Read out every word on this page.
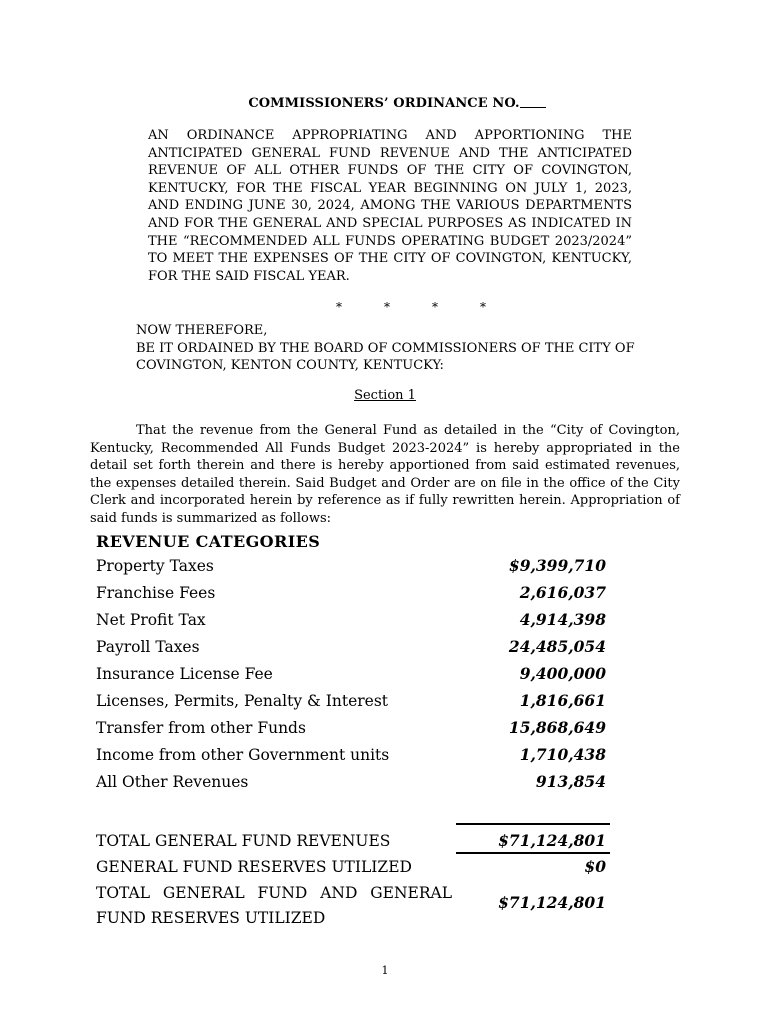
COMMISSIONERS’ ORDINANCE NO.
AN ORDINANCE APPROPRIATING AND APPORTIONING THE ANTICIPATED GENERAL FUND REVENUE AND THE ANTICIPATED REVENUE OF ALL OTHER FUNDS OF THE CITY OF COVINGTON, KENTUCKY, FOR THE FISCAL YEAR BEGINNING ON JULY 1, 2023, AND ENDING JUNE 30, 2024, AMONG THE VARIOUS DEPARTMENTS AND FOR THE GENERAL AND SPECIAL PURPOSES AS INDICATED IN THE “RECOMMENDED ALL FUNDS OPERATING BUDGET 2023/2024” TO MEET THE EXPENSES OF THE CITY OF COVINGTON, KENTUCKY, FOR THE SAID FISCAL YEAR.
*	*	*	*
NOW THEREFORE,
BE IT ORDAINED BY THE BOARD OF COMMISSIONERS OF THE CITY OF COVINGTON, KENTON COUNTY, KENTUCKY:
Section 1
That the revenue from the General Fund as detailed in the “City of Covington, Kentucky, Recommended All Funds Budget 2023-2024” is hereby appropriated in the detail set forth therein and there is hereby apportioned from said estimated revenues, the expenses detailed therein. Said Budget and Order are on file in the office of the City Clerk and incorporated herein by reference as if fully rewritten herein. Appropriation of said funds is summarized as follows:
REVENUE CATEGORIES
Property Taxes	$9,399,710
Franchise Fees	2,616,037
Net Profit Tax	4,914,398
Payroll Taxes	24,485,054
Insurance License Fee	9,400,000
Licenses, Permits, Penalty & Interest	1,816,661
Transfer from other Funds	15,868,649
Income from other Government units	1,710,438
All Other Revenues	913,854
TOTAL GENERAL FUND REVENUES	$71,124,801
GENERAL FUND RESERVES UTILIZED	$0
TOTAL GENERAL FUND AND GENERAL FUND RESERVES UTILIZED
$71,124,801
1
